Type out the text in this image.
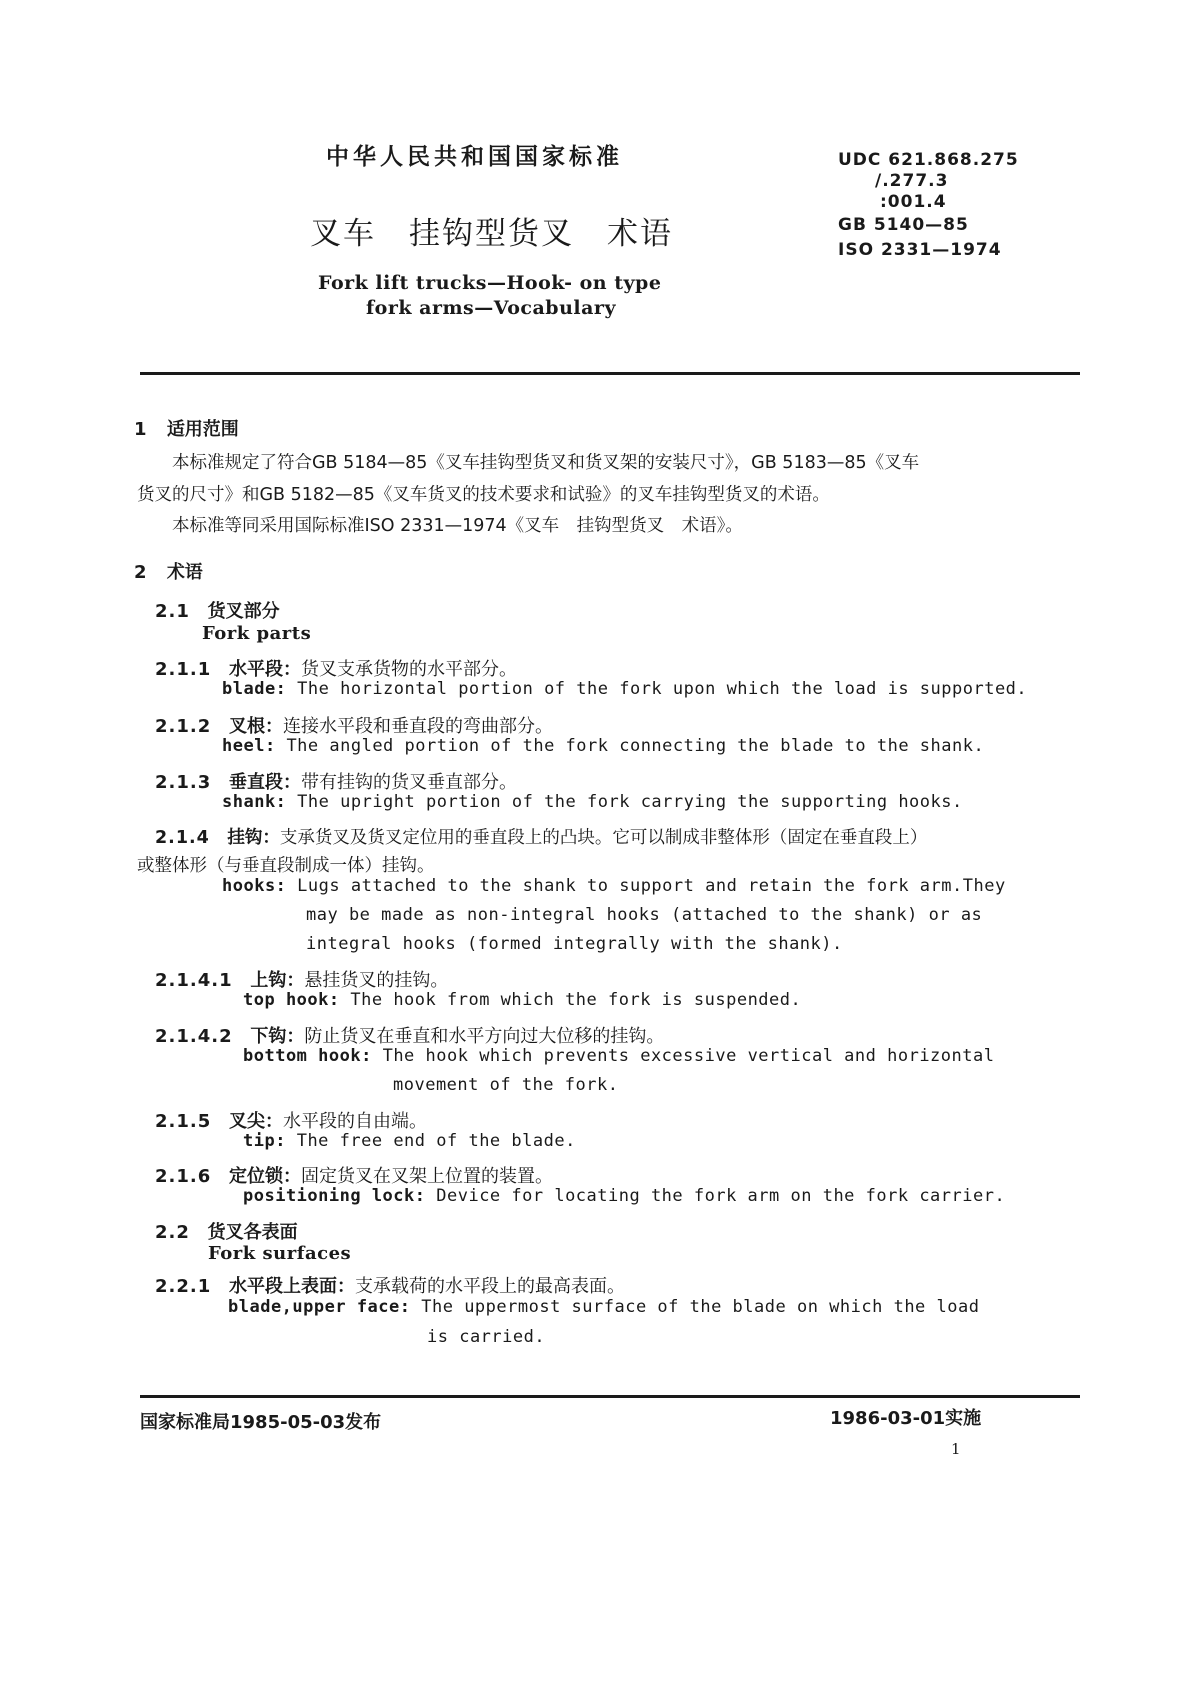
中华人民共和国国家标准
叉车　挂钩型货叉　术语
Fork lift trucks—Hook- on type
fork arms—Vocabulary
UDC 621.868.275
/.277.3
:001.4
GB 5140—85
ISO 2331—1974
1 适用范围
本标准规定了符合GB 5184—85《叉车挂钩型货叉和货叉架的安装尺寸》，GB 5183—85《叉车
货叉的尺寸》和GB 5182—85《叉车货叉的技术要求和试验》的叉车挂钩型货叉的术语。
本标准等同采用国际标准ISO 2331—1974《叉车　挂钩型货叉　术语》。
2 术语
2.1 货叉部分
Fork parts
2.1.1 水平段：货叉支承货物的水平部分。
blade: The horizontal portion of the fork upon which the load is supported.
2.1.2 叉根：连接水平段和垂直段的弯曲部分。
heel: The angled portion of the fork connecting the blade to the shank.
2.1.3 垂直段：带有挂钩的货叉垂直部分。
shank: The upright portion of the fork carrying the supporting hooks.
2.1.4 挂钩：支承货叉及货叉定位用的垂直段上的凸块。它可以制成非整体形（固定在垂直段上）
或整体形（与垂直段制成一体）挂钩。
hooks: Lugs attached to the shank to support and retain the fork arm.They
may be made as non-integral hooks (attached to the shank) or as
integral hooks (formed integrally with the shank).
2.1.4.1 上钩：悬挂货叉的挂钩。
top hook: The hook from which the fork is suspended.
2.1.4.2 下钩：防止货叉在垂直和水平方向过大位移的挂钩。
bottom hook: The hook which prevents excessive vertical and horizontal
movement of the fork.
2.1.5 叉尖：水平段的自由端。
tip: The free end of the blade.
2.1.6 定位锁：固定货叉在叉架上位置的装置。
positioning lock: Device for locating the fork arm on the fork carrier.
2.2 货叉各表面
Fork surfaces
2.2.1 水平段上表面：支承载荷的水平段上的最高表面。
blade,upper face: The uppermost surface of the blade on which the load
is carried.
国家标准局1985-05-03发布	1986-03-01实施
1
